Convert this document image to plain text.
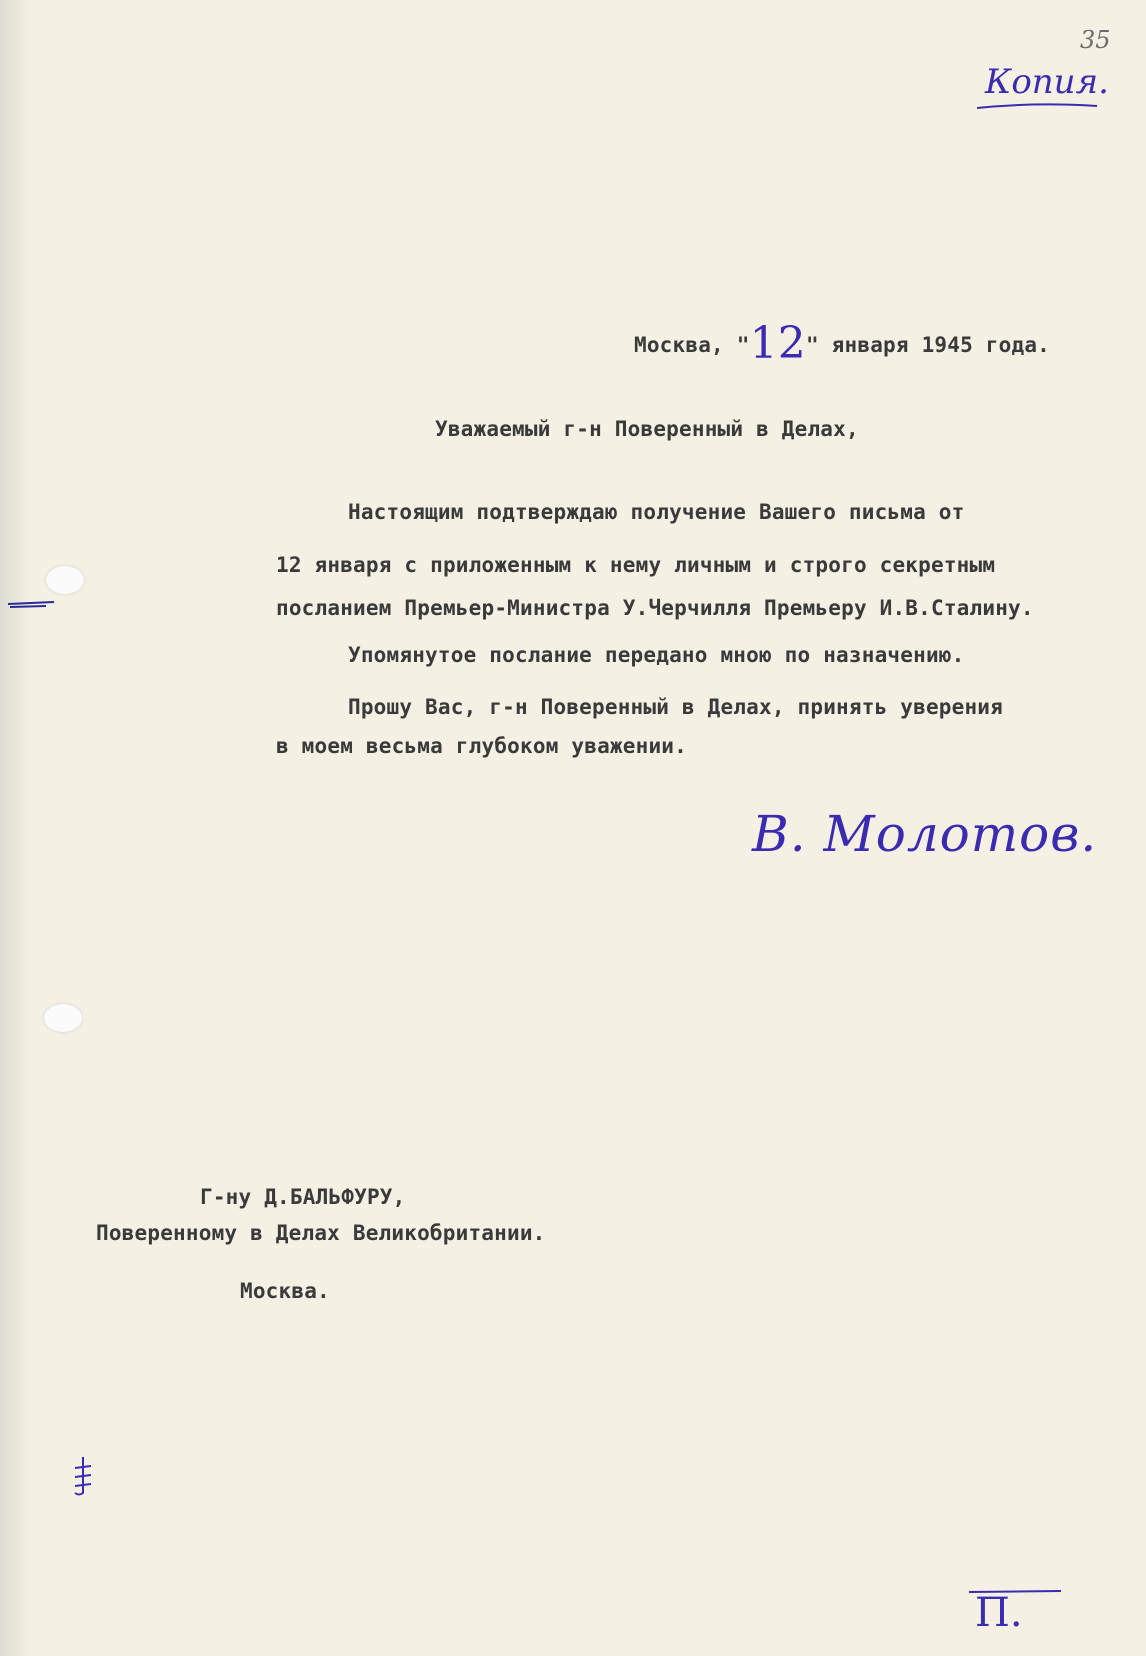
35
Копия.
Москва, "12" января 1945 года.
Уважаемый г-н Поверенный в Делах,
Настоящим подтверждаю получение Вашего письма от
12 января с приложенным к нему личным и строго секретным
посланием Премьер-Министра У.Черчилля Премьеру И.В.Сталину.
Упомянутое послание передано мною по назначению.
Прошу Вас, г-н Поверенный в Делах, принять уверения
в моем весьма глубоком уважении.
В. Молотов.
Г-ну Д.БАЛЬФУРУ,
Поверенному в Делах Великобритании.
Москва.
П.
